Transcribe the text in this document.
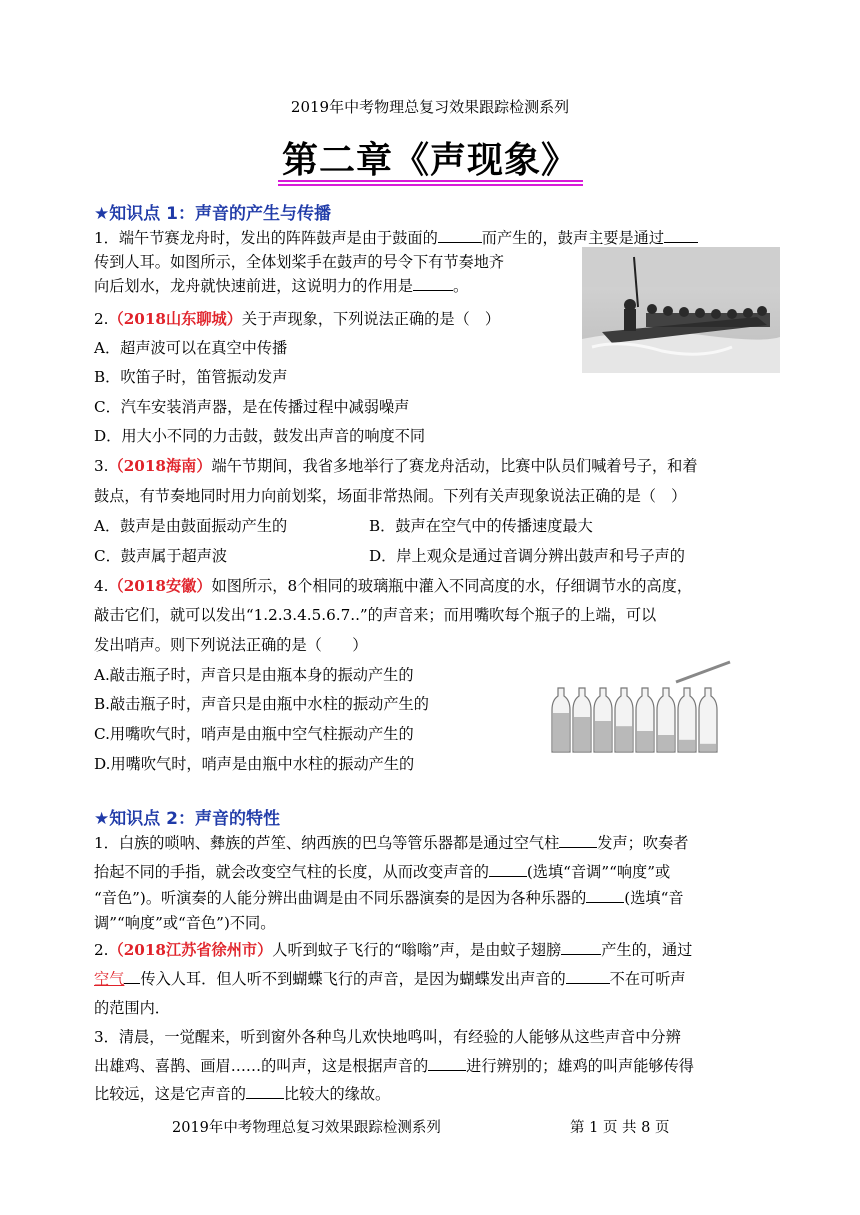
2019年中考物理总复习效果跟踪检测系列
第二章《声现象》
★知识点 1：声音的产生与传播
1．端午节赛龙舟时，发出的阵阵鼓声是由于鼓面的	而产生的，鼓声主要是通过
传到人耳。如图所示，全体划桨手在鼓声的号令下有节奏地齐
向后划水，龙舟就快速前进，这说明力的作用是	。
2.（2018山东聊城）关于声现象，下列说法正确的是（　）
A．超声波可以在真空中传播
B．吹笛子时，笛管振动发声
C．汽车安装消声器，是在传播过程中减弱噪声
D．用大小不同的力击鼓，鼓发出声音的响度不同
3.（2018海南）端午节期间，我省多地举行了赛龙舟活动，比赛中队员们喊着号子，和着
鼓点，有节奏地同时用力向前划桨，场面非常热闹。下列有关声现象说法正确的是（　）
A．鼓声是由鼓面振动产生的	B．鼓声在空气中的传播速度最大
C．鼓声属于超声波	D．岸上观众是通过音调分辨出鼓声和号子声的
4.（2018安徽）如图所示，8个相同的玻璃瓶中灌入不同高度的水，仔细调节水的高度，
敲击它们，就可以发出“1.2.3.4.5.6.7..”的声音来；而用嘴吹每个瓶子的上端，可以
发出哨声。则下列说法正确的是（　　）
A.敲击瓶子时，声音只是由瓶本身的振动产生的
B.敲击瓶子时，声音只是由瓶中水柱的振动产生的
C.用嘴吹气时，哨声是由瓶中空气柱振动产生的
D.用嘴吹气时，哨声是由瓶中水柱的振动产生的
★知识点 2：声音的特性
1．白族的唢呐、彝族的芦笙、纳西族的巴乌等管乐器都是通过空气柱	发声；吹奏者
抬起不同的手指，就会改变空气柱的长度，从而改变声音的	(选填“音调”“响度”或
“音色”)。听演奏的人能分辨出曲调是由不同乐器演奏的是因为各种乐器的	(选填“音
调”“响度”或“音色”)不同。
2.（2018江苏省徐州市）人听到蚊子飞行的“嗡嗡”声，是由蚊子翅膀	产生的，通过
空气 传入人耳．但人听不到蝴蝶飞行的声音，是因为蝴蝶发出声音的	不在可听声
的范围内．
3．清晨，一觉醒来，听到窗外各种鸟儿欢快地鸣叫，有经验的人能够从这些声音中分辨
出雄鸡、喜鹊、画眉……的叫声，这是根据声音的	进行辨别的；雄鸡的叫声能够传得
比较远，这是它声音的	比较大的缘故。
2019年中考物理总复习效果跟踪检测系列	第 1 页 共 8 页
